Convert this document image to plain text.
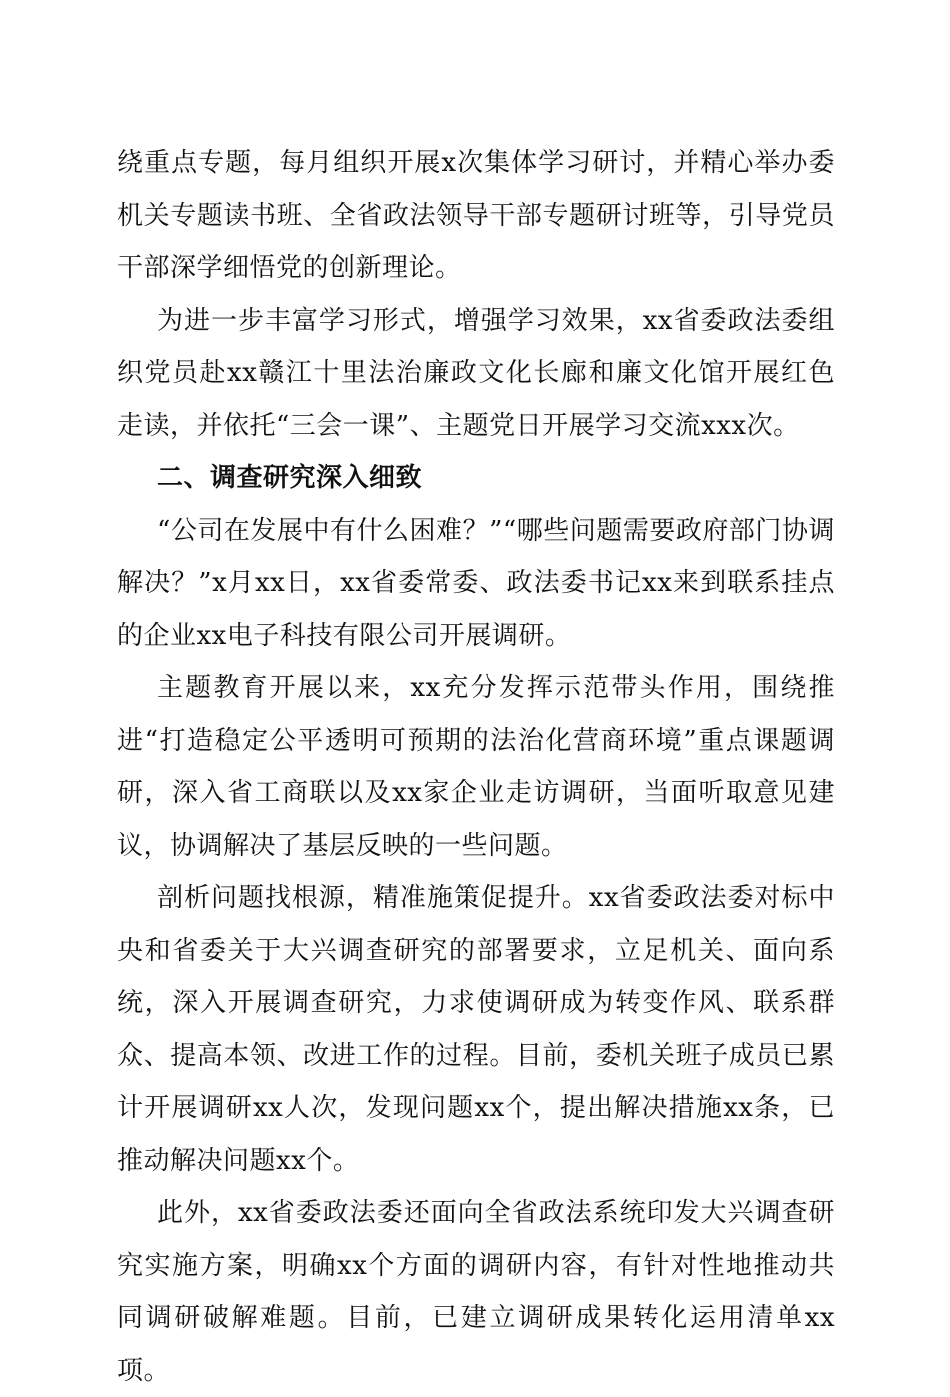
绕重点专题，每月组织开展x次集体学习研讨，并精心举办委机关专题读书班、全省政法领导干部专题研讨班等，引导党员干部深学细悟党的创新理论。

为进一步丰富学习形式，增强学习效果，xx省委政法委组织党员赴xx赣江十里法治廉政文化长廊和廉文化馆开展红色走读，并依托“三会一课”、主题党日开展学习交流xxx次。

二、调查研究深入细致

“公司在发展中有什么困难？”“哪些问题需要政府部门协调解决？”x月xx日，xx省委常委、政法委书记xx来到联系挂点的企业xx电子科技有限公司开展调研。

主题教育开展以来，xx充分发挥示范带头作用，围绕推进“打造稳定公平透明可预期的法治化营商环境”重点课题调研，深入省工商联以及xx家企业走访调研，当面听取意见建议，协调解决了基层反映的一些问题。

剖析问题找根源，精准施策促提升。xx省委政法委对标中央和省委关于大兴调查研究的部署要求，立足机关、面向系统，深入开展调查研究，力求使调研成为转变作风、联系群众、提高本领、改进工作的过程。目前，委机关班子成员已累计开展调研xx人次，发现问题xx个，提出解决措施xx条，已推动解决问题xx个。

此外，xx省委政法委还面向全省政法系统印发大兴调查研究实施方案，明确xx个方面的调研内容，有针对性地推动共同调研破解难题。目前，已建立调研成果转化运用清单xx项。
